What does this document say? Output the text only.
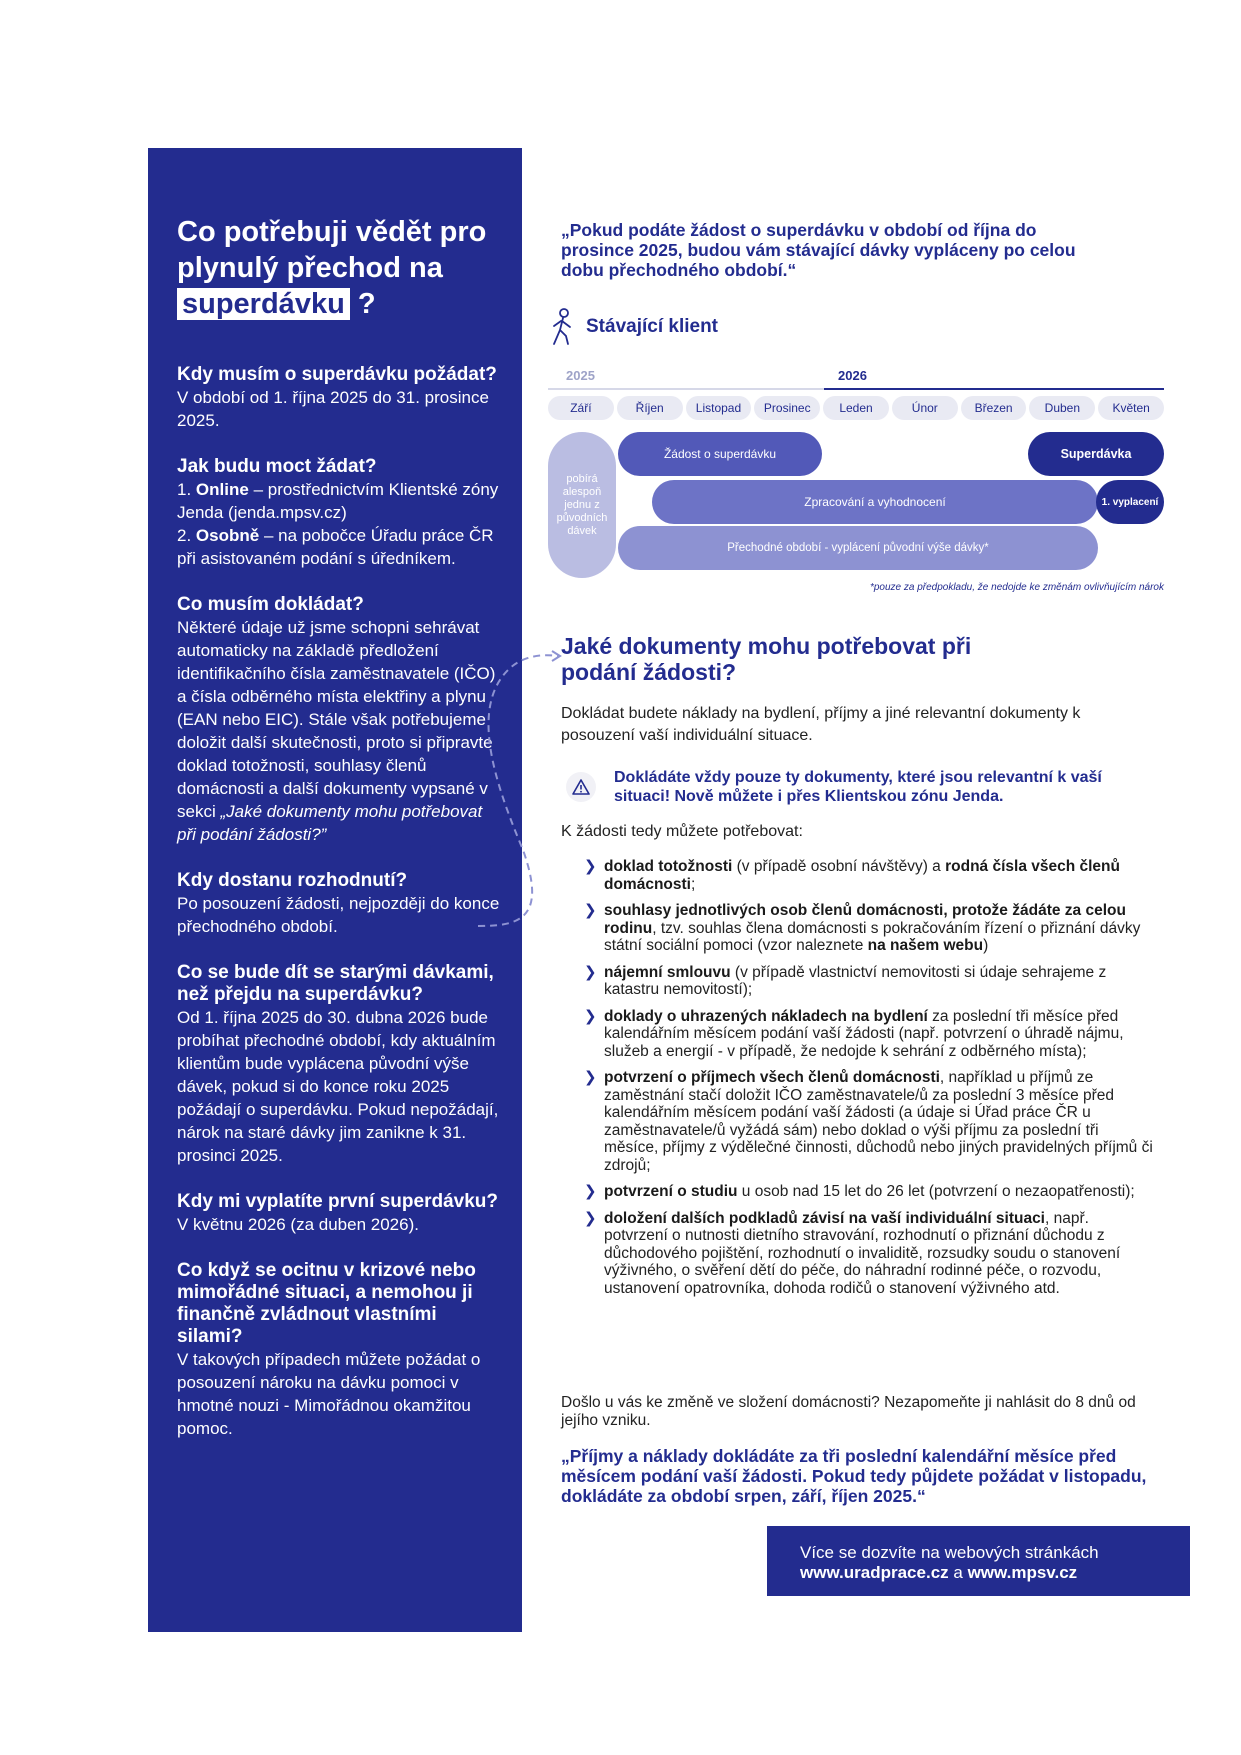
Co potřebuji vědět pro plynulý přechod na superdávku ?
Kdy musím o superdávku požádat?

V období od 1. října 2025 do 31. prosince 2025.

Jak budu moct žádat?

1. Online – prostřednictvím Klientské zóny Jenda (jenda.mpsv.cz)
2. Osobně – na pobočce Úřadu práce ČR při asistovaném podání s úředníkem.

Co musím dokládat?

Některé údaje už jsme schopni sehrávat automaticky na základě předložení identifikačního čísla zaměstnavatele (IČO) a čísla odběrného místa elektřiny a plynu (EAN nebo EIC). Stále však potřebujeme doložit další skutečnosti, proto si připravte doklad totožnosti, souhlasy členů domácnosti a další dokumenty vypsané v sekci „Jaké dokumenty mohu potřebovat při podání žádosti?”

Kdy dostanu rozhodnutí?

Po posouzení žádosti, nejpozději do konce přechodného období.

Co se bude dít se starými dávkami, než přejdu na superdávku?

Od 1. října 2025 do 30. dubna 2026 bude probíhat přechodné období, kdy aktuálním klientům bude vyplácena původní výše dávek, pokud si do konce roku 2025 požádají o superdávku. Pokud nepožádají, nárok na staré dávky jim zanikne k 31. prosinci 2025.

Kdy mi vyplatíte první superdávku?

V květnu 2026 (za duben 2026).

Co když se ocitnu v krizové nebo mimořádné situaci, a nemohou ji finančně zvládnout vlastními silami?

V takových případech můžete požádat o posouzení nároku na dávku pomoci v hmotné nouzi - Mimořádnou okamžitou pomoc.

„Pokud podáte žádost o superdávku v období od října do prosince 2025, budou vám stávající dávky vypláceny po celou dobu přechodného období.“
Stávající klient
2025	2026
Září	Říjen	Listopad	Prosinec	Leden	Únor	Březen	Duben	Květen
pobírá alespoň jednu z původních dávek
Žádost o superdávku	Superdávka
Zpracování a vyhodnocení	1. vyplacení
Přechodné období - vyplácení původní výše dávky*
*pouze za předpokladu, že nedojde ke změnám ovlivňujícím nárok
Jaké dokumenty mohu potřebovat při podání žádosti?
Dokládat budete náklady na bydlení, příjmy a jiné relevantní dokumenty k posouzení vaší individuální situace.
Dokládáte vždy pouze ty dokumenty, které jsou relevantní k vaší situaci! Nově můžete i přes Klientskou zónu Jenda.
K žádosti tedy můžete potřebovat:
❯ doklad totožnosti (v případě osobní návštěvy) a rodná čísla všech členů domácnosti;
❯ souhlasy jednotlivých osob členů domácnosti, protože žádáte za celou rodinu, tzv. souhlas člena domácnosti s pokračováním řízení o přiznání dávky státní sociální pomoci (vzor naleznete na našem webu)
❯ nájemní smlouvu (v případě vlastnictví nemovitosti si údaje sehrajeme z katastru nemovitostí);
❯ doklady o uhrazených nákladech na bydlení za poslední tři měsíce před kalendářním měsícem podání vaší žádosti (např. potvrzení o úhradě nájmu, služeb a energií - v případě, že nedojde k sehrání z odběrného místa);
❯ potvrzení o příjmech všech členů domácnosti, například u příjmů ze zaměstnání stačí doložit IČO zaměstnavatele/ů za poslední 3 měsíce před kalendářním měsícem podání vaší žádosti (a údaje si Úřad práce ČR u zaměstnavatele/ů vyžádá sám) nebo doklad o výši příjmu za poslední tři měsíce, příjmy z výdělečné činnosti, důchodů nebo jiných pravidelných příjmů či zdrojů;
❯ potvrzení o studiu u osob nad 15 let do 26 let (potvrzení o nezaopatřenosti);
❯ doložení dalších podkladů závisí na vaší individuální situaci, např. potvrzení o nutnosti dietního stravování, rozhodnutí o přiznání důchodu z důchodového pojištění, rozhodnutí o invaliditě, rozsudky soudu o stanovení výživného, o svěření dětí do péče, do náhradní rodinné péče, o rozvodu, ustanovení opatrovníka, dohoda rodičů o stanovení výživného atd.
Došlo u vás ke změně ve složení domácnosti? Nezapomeňte ji nahlásit do 8 dnů od jejího vzniku.
„Příjmy a náklady dokládáte za tři poslední kalendářní měsíce před měsícem podání vaší žádosti. Pokud tedy půjdete požádat v listopadu, dokládáte za období srpen, září, říjen 2025.“
Více se dozvíte na webových stránkách
www.uradprace.cz a www.mpsv.cz
